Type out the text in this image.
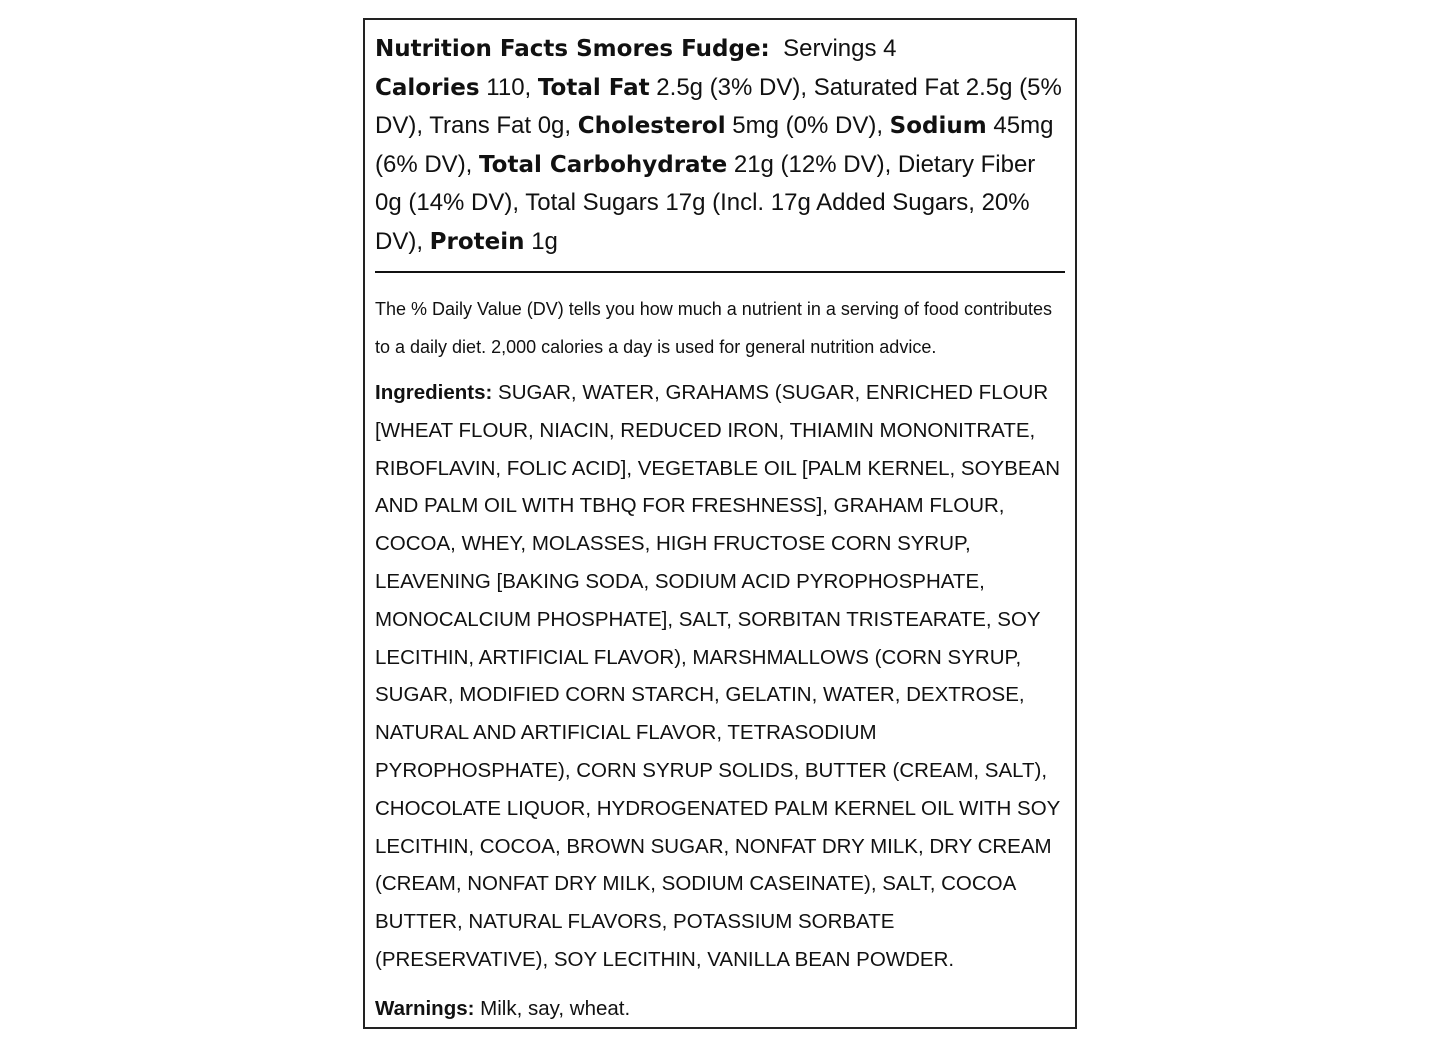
Nutrition Facts Smores Fudge: Servings 4
Calories 110, Total Fat 2.5g (3% DV), Saturated Fat 2.5g (5% DV), Trans Fat 0g, Cholesterol 5mg (0% DV), Sodium 45mg (6% DV), Total Carbohydrate 21g (12% DV), Dietary Fiber 0g (14% DV), Total Sugars 17g (Incl. 17g Added Sugars, 20% DV), Protein 1g

The % Daily Value (DV) tells you how much a nutrient in a serving of food contributes to a daily diet. 2,000 calories a day is used for general nutrition advice.

Ingredients: SUGAR, WATER, GRAHAMS (SUGAR, ENRICHED FLOUR [WHEAT FLOUR, NIACIN, REDUCED IRON, THIAMIN MONONITRATE, RIBOFLAVIN, FOLIC ACID], VEGETABLE OIL [PALM KERNEL, SOYBEAN AND PALM OIL WITH TBHQ FOR FRESHNESS], GRAHAM FLOUR, COCOA, WHEY, MOLASSES, HIGH FRUCTOSE CORN SYRUP, LEAVENING [BAKING SODA, SODIUM ACID PYROPHOSPHATE, MONOCALCIUM PHOSPHATE], SALT, SORBITAN TRISTEARATE, SOY LECITHIN, ARTIFICIAL FLAVOR), MARSHMALLOWS (CORN SYRUP, SUGAR, MODIFIED CORN STARCH, GELATIN, WATER, DEXTROSE, NATURAL AND ARTIFICIAL FLAVOR, TETRASODIUM PYROPHOSPHATE), CORN SYRUP SOLIDS, BUTTER (CREAM, SALT), CHOCOLATE LIQUOR, HYDROGENATED PALM KERNEL OIL WITH SOY LECITHIN, COCOA, BROWN SUGAR, NONFAT DRY MILK, DRY CREAM (CREAM, NONFAT DRY MILK, SODIUM CASEINATE), SALT, COCOA BUTTER, NATURAL FLAVORS, POTASSIUM SORBATE (PRESERVATIVE), SOY LECITHIN, VANILLA BEAN POWDER.

Warnings: Milk, say, wheat.
